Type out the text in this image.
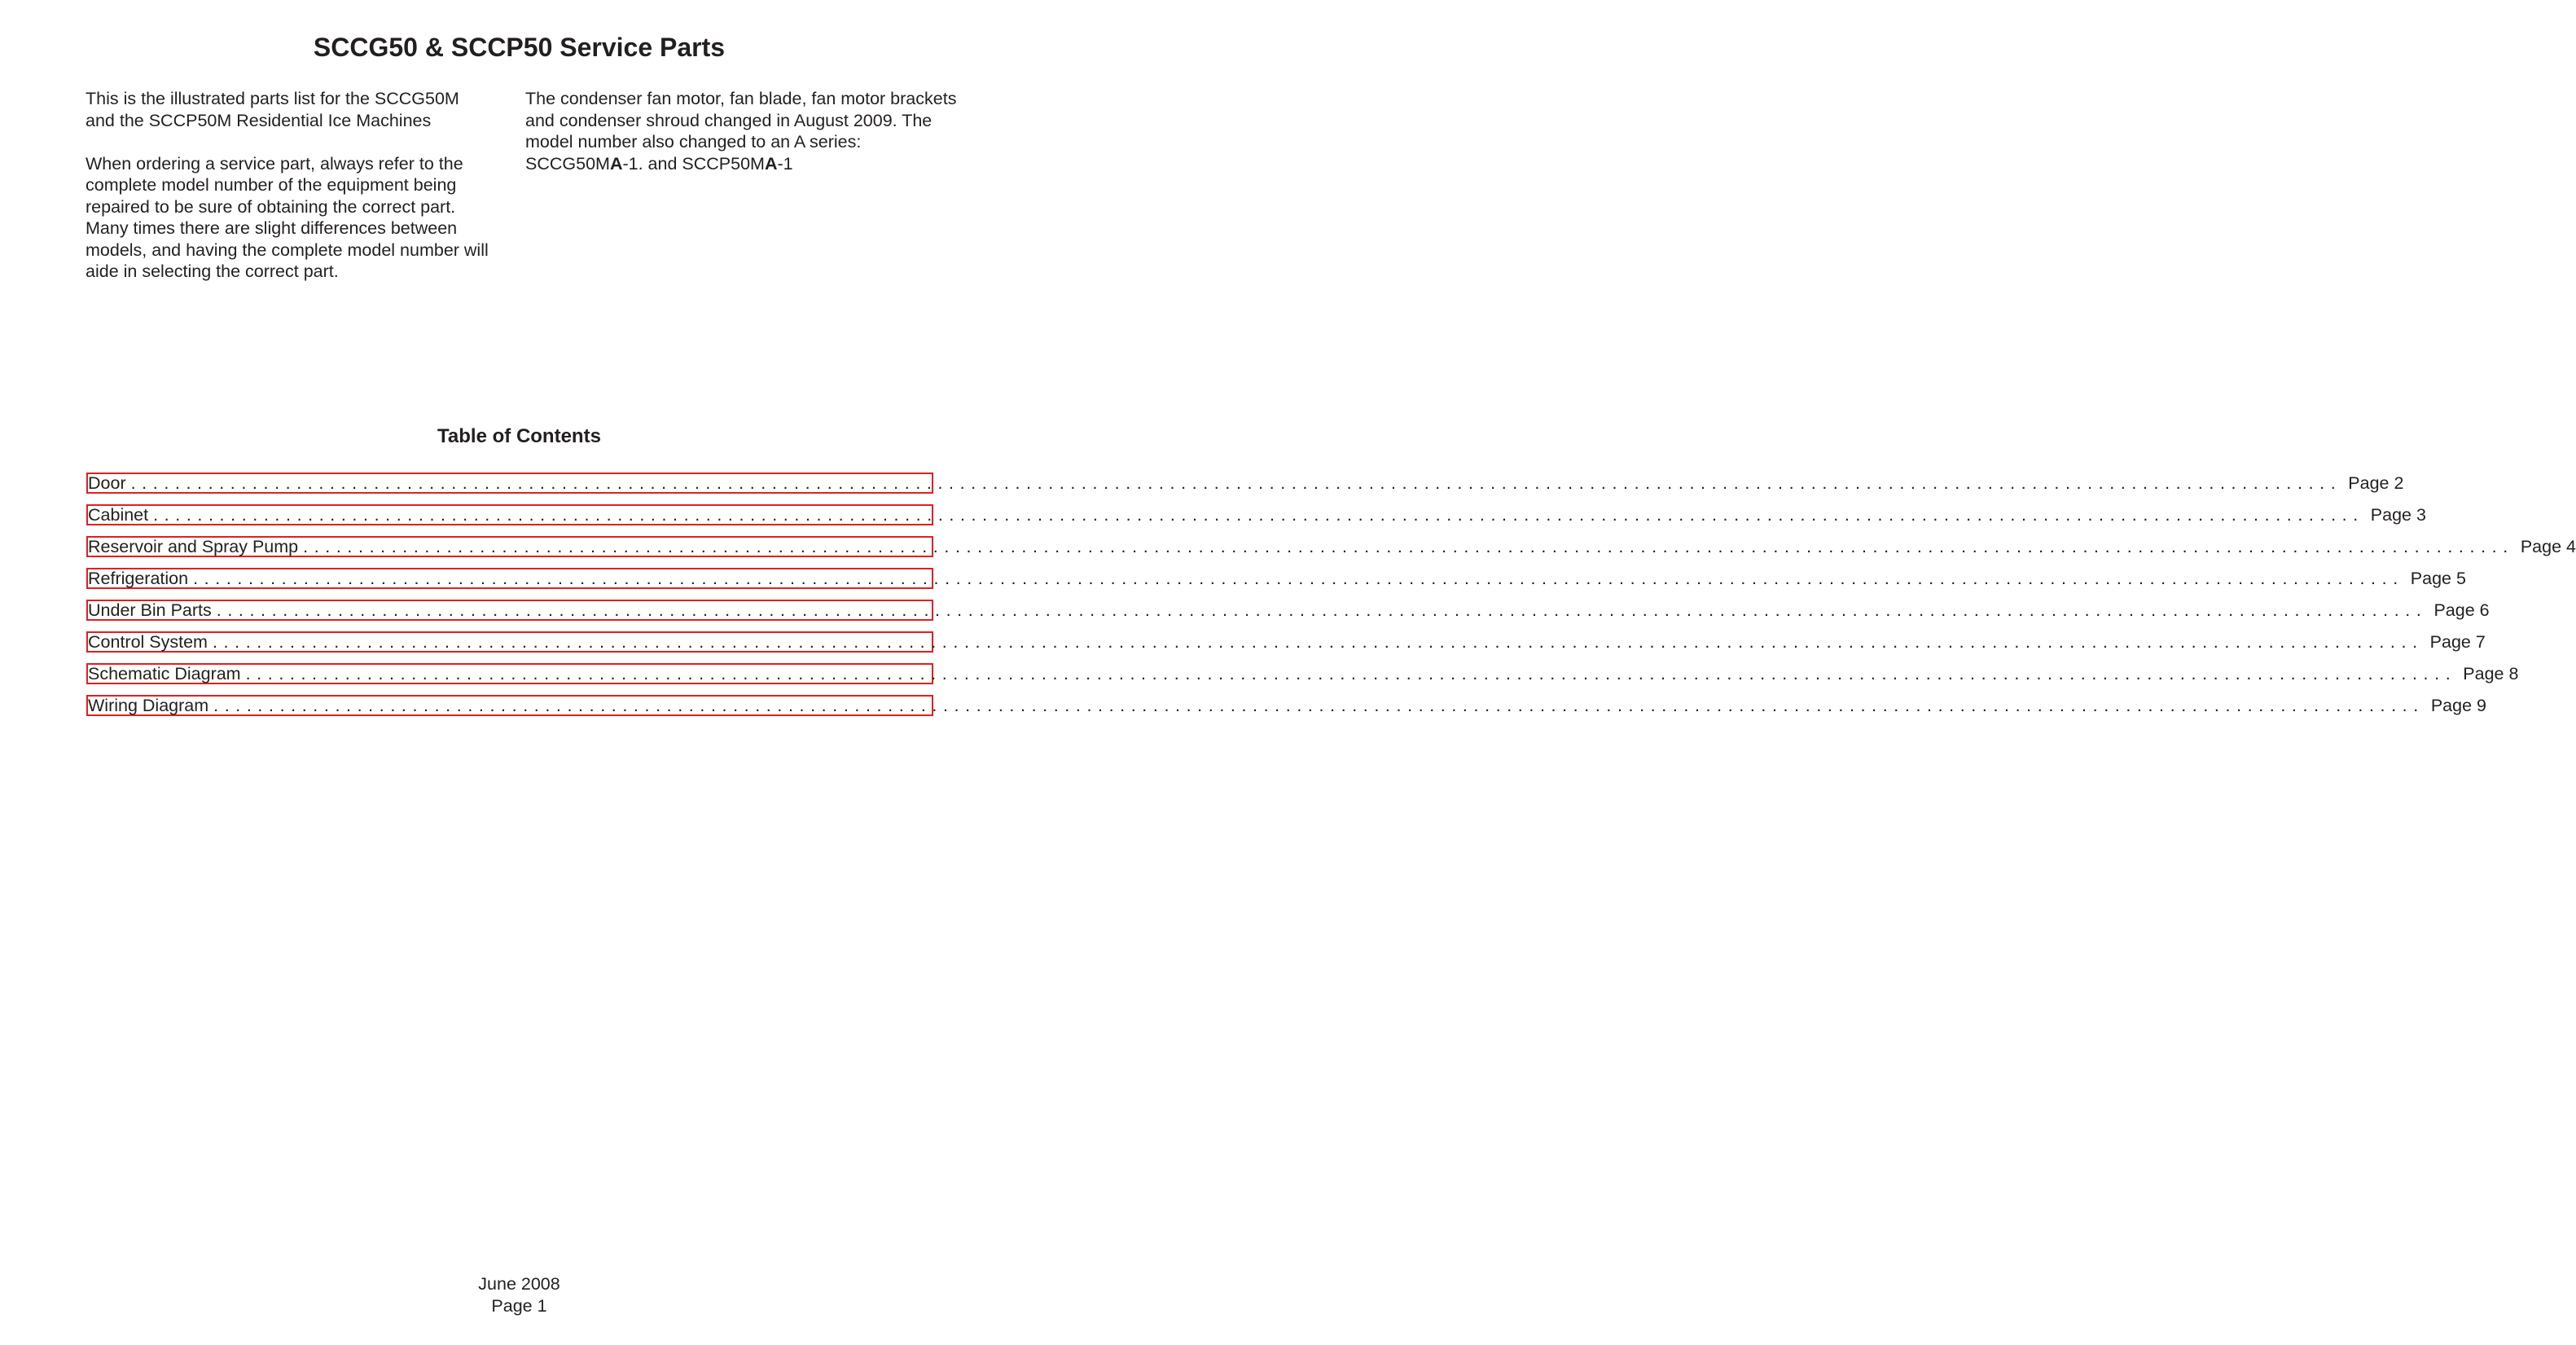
SCCG50 & SCCP50 Service Parts

This is the illustrated parts list for the SCCG50M and the SCCP50M Residential Ice Machines

When ordering a service part, always refer to the complete model number of the equipment being repaired to be sure of obtaining the correct part. Many times there are slight differences between models, and having the complete model number will aide in selecting the correct part.

The condenser fan motor, fan blade, fan motor brackets and condenser shroud changed in August 2009. The model number also changed to an A series: SCCG50MA-1. and SCCP50MA-1

Table of Contents
Door ........................................................................................................................................................................................................ Page 2
Cabinet ........................................................................................................................................................................................................ Page 3
Reservoir and Spray Pump ........................................................................................................................................................................................................ Page 4
Refrigeration ........................................................................................................................................................................................................ Page 5
Under Bin Parts ........................................................................................................................................................................................................ Page 6
Control System ........................................................................................................................................................................................................ Page 7
Schematic Diagram ........................................................................................................................................................................................................ Page 8
Wiring Diagram ........................................................................................................................................................................................................ Page 9
June 2008
Page 1
